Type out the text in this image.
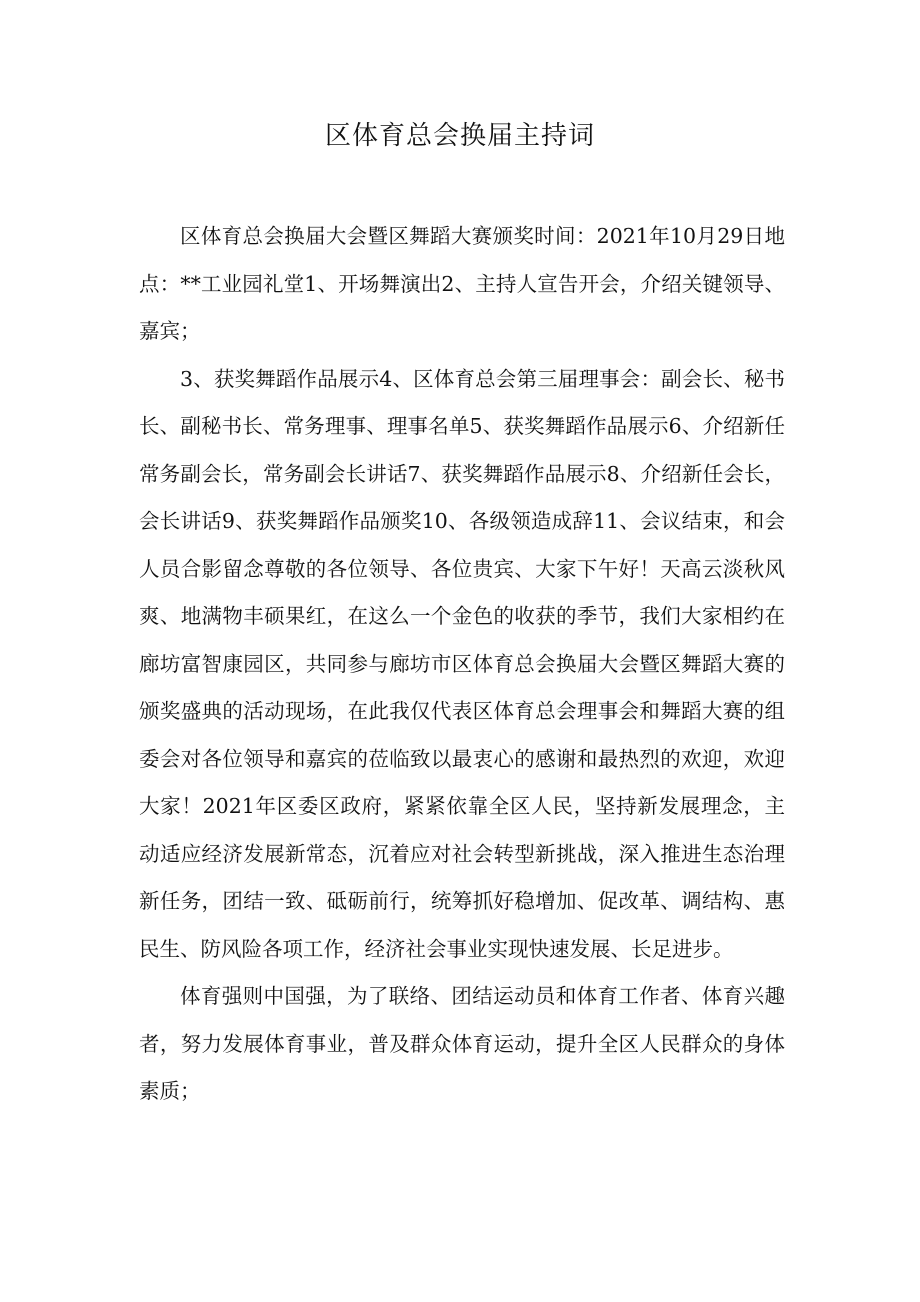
区体育总会换届主持词

区体育总会换届大会暨区舞蹈大赛颁奖时间：2021年10月29日地点：**工业园礼堂1、开场舞演出2、主持人宣告开会，介绍关键领导、嘉宾；

3、获奖舞蹈作品展示4、区体育总会第三届理事会：副会长、秘书长、副秘书长、常务理事、理事名单5、获奖舞蹈作品展示6、介绍新任常务副会长，常务副会长讲话7、获奖舞蹈作品展示8、介绍新任会长，会长讲话9、获奖舞蹈作品颁奖10、各级领造成辞11、会议结束，和会人员合影留念尊敬的各位领导、各位贵宾、大家下午好！天高云淡秋风爽、地满物丰硕果红，在这么一个金色的收获的季节，我们大家相约在廊坊富智康园区，共同参与廊坊市区体育总会换届大会暨区舞蹈大赛的颁奖盛典的活动现场，在此我仅代表区体育总会理事会和舞蹈大赛的组委会对各位领导和嘉宾的莅临致以最衷心的感谢和最热烈的欢迎，欢迎大家！2021年区委区政府，紧紧依靠全区人民，坚持新发展理念，主动适应经济发展新常态，沉着应对社会转型新挑战，深入推进生态治理新任务，团结一致、砥砺前行，统筹抓好稳增加、促改革、调结构、惠民生、防风险各项工作，经济社会事业实现快速发展、长足进步。

体育强则中国强，为了联络、团结运动员和体育工作者、体育兴趣者，努力发展体育事业，普及群众体育运动，提升全区人民群众的身体素质；
